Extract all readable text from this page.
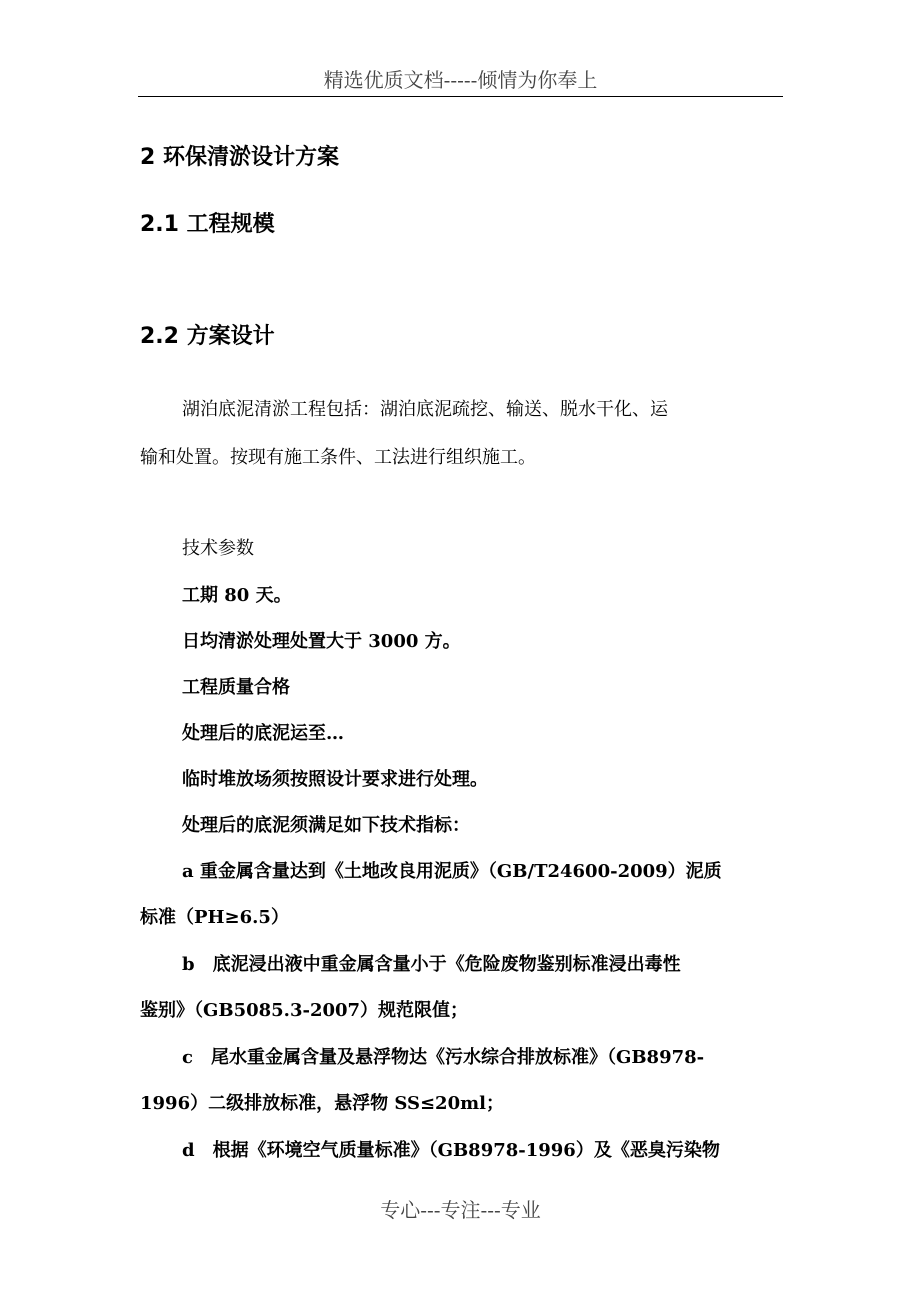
精选优质文档-----倾情为你奉上
2 环保清淤设计方案
2.1 工程规模
2.2 方案设计
湖泊底泥清淤工程包括：湖泊底泥疏挖、输送、脱水干化、运
输和处置。按现有施工条件、工法进行组织施工。
技术参数
工期 80 天。
日均清淤处理处置大于 3000 方。
工程质量合格
处理后的底泥运至…
临时堆放场须按照设计要求进行处理。
处理后的底泥须满足如下技术指标：
a 重金属含量达到《土地改良用泥质》（GB/T24600-2009）泥质
标准（PH≥6.5）
b　底泥浸出液中重金属含量小于《危险废物鉴别标准浸出毒性
鉴别》（GB5085.3-2007）规范限值；
c　尾水重金属含量及悬浮物达《污水综合排放标准》（GB8978-
1996）二级排放标准，悬浮物 SS≤20ml；
d　根据《环境空气质量标准》（GB8978-1996）及《恶臭污染物
专心---专注---专业
